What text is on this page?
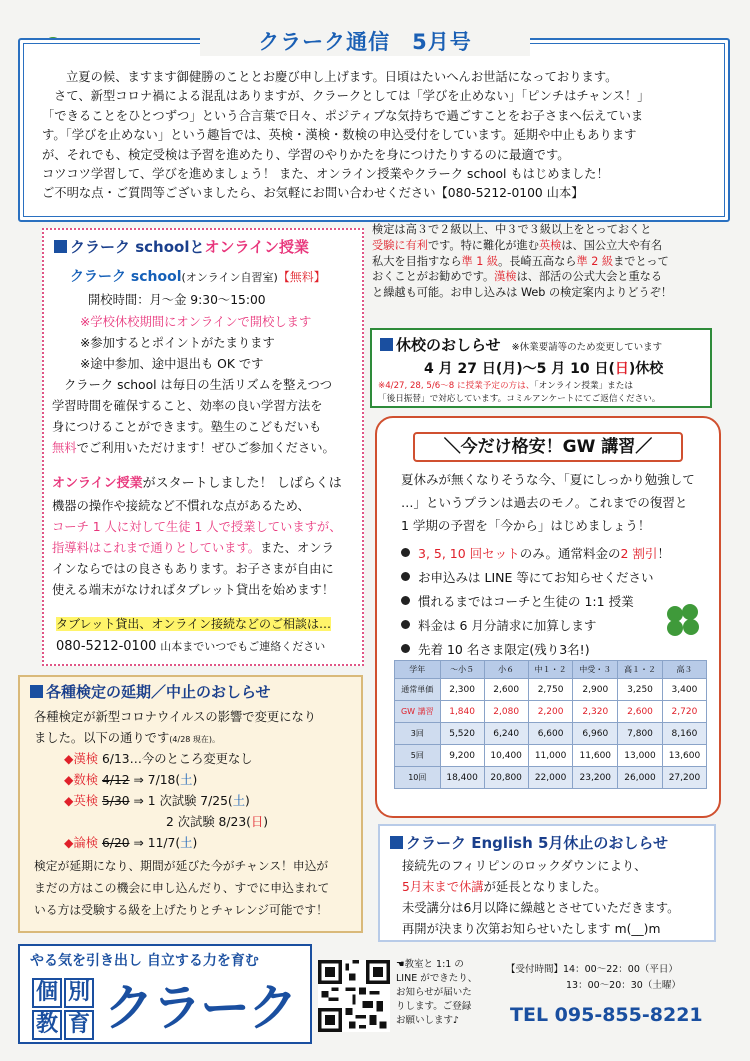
クラーク通信　5月号

立夏の候、ますます御健勝のこととお慶び申し上げます。日頃はたいへんお世話になっております。

さて、新型コロナ禍による混乱はありますが、クラークとしては「学びを止めない」「ピンチはチャンス！」

「できることをひとつずつ」という合言葉で日々、ポジティブな気持ちで過ごすことをお子さまへ伝えていま

す。「学びを止めない」という趣旨では、英検・漢検・数検の申込受付をしています。延期や中止もあります

が、それでも、検定受検は予習を進めたり、学習のやりかたを身につけたりするのに最適です。

コツコツ学習して、学びを進めましょう！ また、オンライン授業やクラーク school もはじめました！

ご不明な点・ご質問等ございましたら、お気軽にお問い合わせください【080-5212-0100 山本】

クラーク schoolとオンライン授業
クラーク school(オンライン自習室)【無料】
開校時間：月～金 9:30～15:00
※学校休校期間にオンラインで開校します
※参加するとポイントがたまります
※途中参加、途中退出も OK です
クラーク school は毎日の生活リズムを整えつつ
学習時間を確保すること、効率の良い学習方法を
身につけることができます。塾生のこどもだいも
無料でご利用いただけます！ぜひご参加ください。
オンライン授業がスタートしました！ しばらくは
機器の操作や接続など不慣れな点があるため、
コーチ 1 人に対して生徒 1 人で授業していますが、
指導料はこれまで通りとしています。また、オンラ
インならではの良さもあります。お子さまが自由に
使える端末がなければタブレット貸出を始めます！
タブレット貸出、オンライン接続などのご相談は…
080-5212-0100 山本までいつでもご連絡ください
検定は高３で２級以上、中３で３級以上をとっておくと
受験に有利です。特に難化が進む英検は、国公立大や有名
私大を目指すなら準 1 級。長崎五高なら準 2 級までとって
おくことがお勧めです。漢検は、部活の公式大会と重なる
と繰越も可能。お申し込みは Web の検定案内よりどうぞ！
休校のおしらせ ※休業要請等のため変更しています
4 月 27 日(月)～5 月 10 日(日)休校
※4/27, 28, 5/6～8 に授業予定の方は、「オンライン授業」または
「後日振替」で対応しています。コミルアンケートにてご返信ください。
＼今だけ格安！GW 講習／
夏休みが無くなりそうな今、「夏にしっかり勉強して
…」というプランは過去のモノ。これまでの復習と
1 学期の予習を「今から」はじめましょう！
3, 5, 10 回セットのみ。通常料金の2 割引！
お申込みは LINE 等にてお知らせください
慣れるまではコーチと生徒の 1:1 授業
料金は 6 月分請求に加算します
先着 10 名さま限定(残り3名!)
学年	～小５	小６	中１・２	中受・３	高１・２	高３
通常単価	2,300	2,600	2,750	2,900	3,250	3,400
GW 講習	1,840	2,080	2,200	2,320	2,600	2,720
3回	5,520	6,240	6,600	6,960	7,800	8,160
5回	9,200	10,400	11,000	11,600	13,000	13,600
10回	18,400	20,800	22,000	23,200	26,000	27,200
各種検定の延期／中止のおしらせ
各種検定が新型コロナウイルスの影響で変更になり
ました。以下の通りです(4/28 現在)。
◆漢検 6/13…今のところ変更なし
◆数検 4/12 ⇒ 7/18(土)
◆英検 5/30 ⇒ 1 次試験 7/25(土)
2 次試験 8/23(日)
◆論検 6/20 ⇒ 11/7(土)
検定が延期になり、期間が延びた今がチャンス！申込が
まだの方はこの機会に申し込んだり、すでに申込まれて
いる方は受験する級を上げたりとチャレンジ可能です！
クラーク English 5月休止のおしらせ
接続先のフィリピンのロックダウンにより、
5月末まで休講が延長となりました。
未受講分は6月以降に繰越とさせていただきます。
再開が決まり次第お知らせいたします m(__)m
やる気を引き出し 自立する力を育む
個 別
教 育 クラーク
☚教室と 1:1 の
LINE ができたり、
お知らせが届いた
りします。ご登録
お願いします♪
【受付時間】14：00～22：00（平日）
13：00～20：30（土曜）
TEL 095-855-8221
